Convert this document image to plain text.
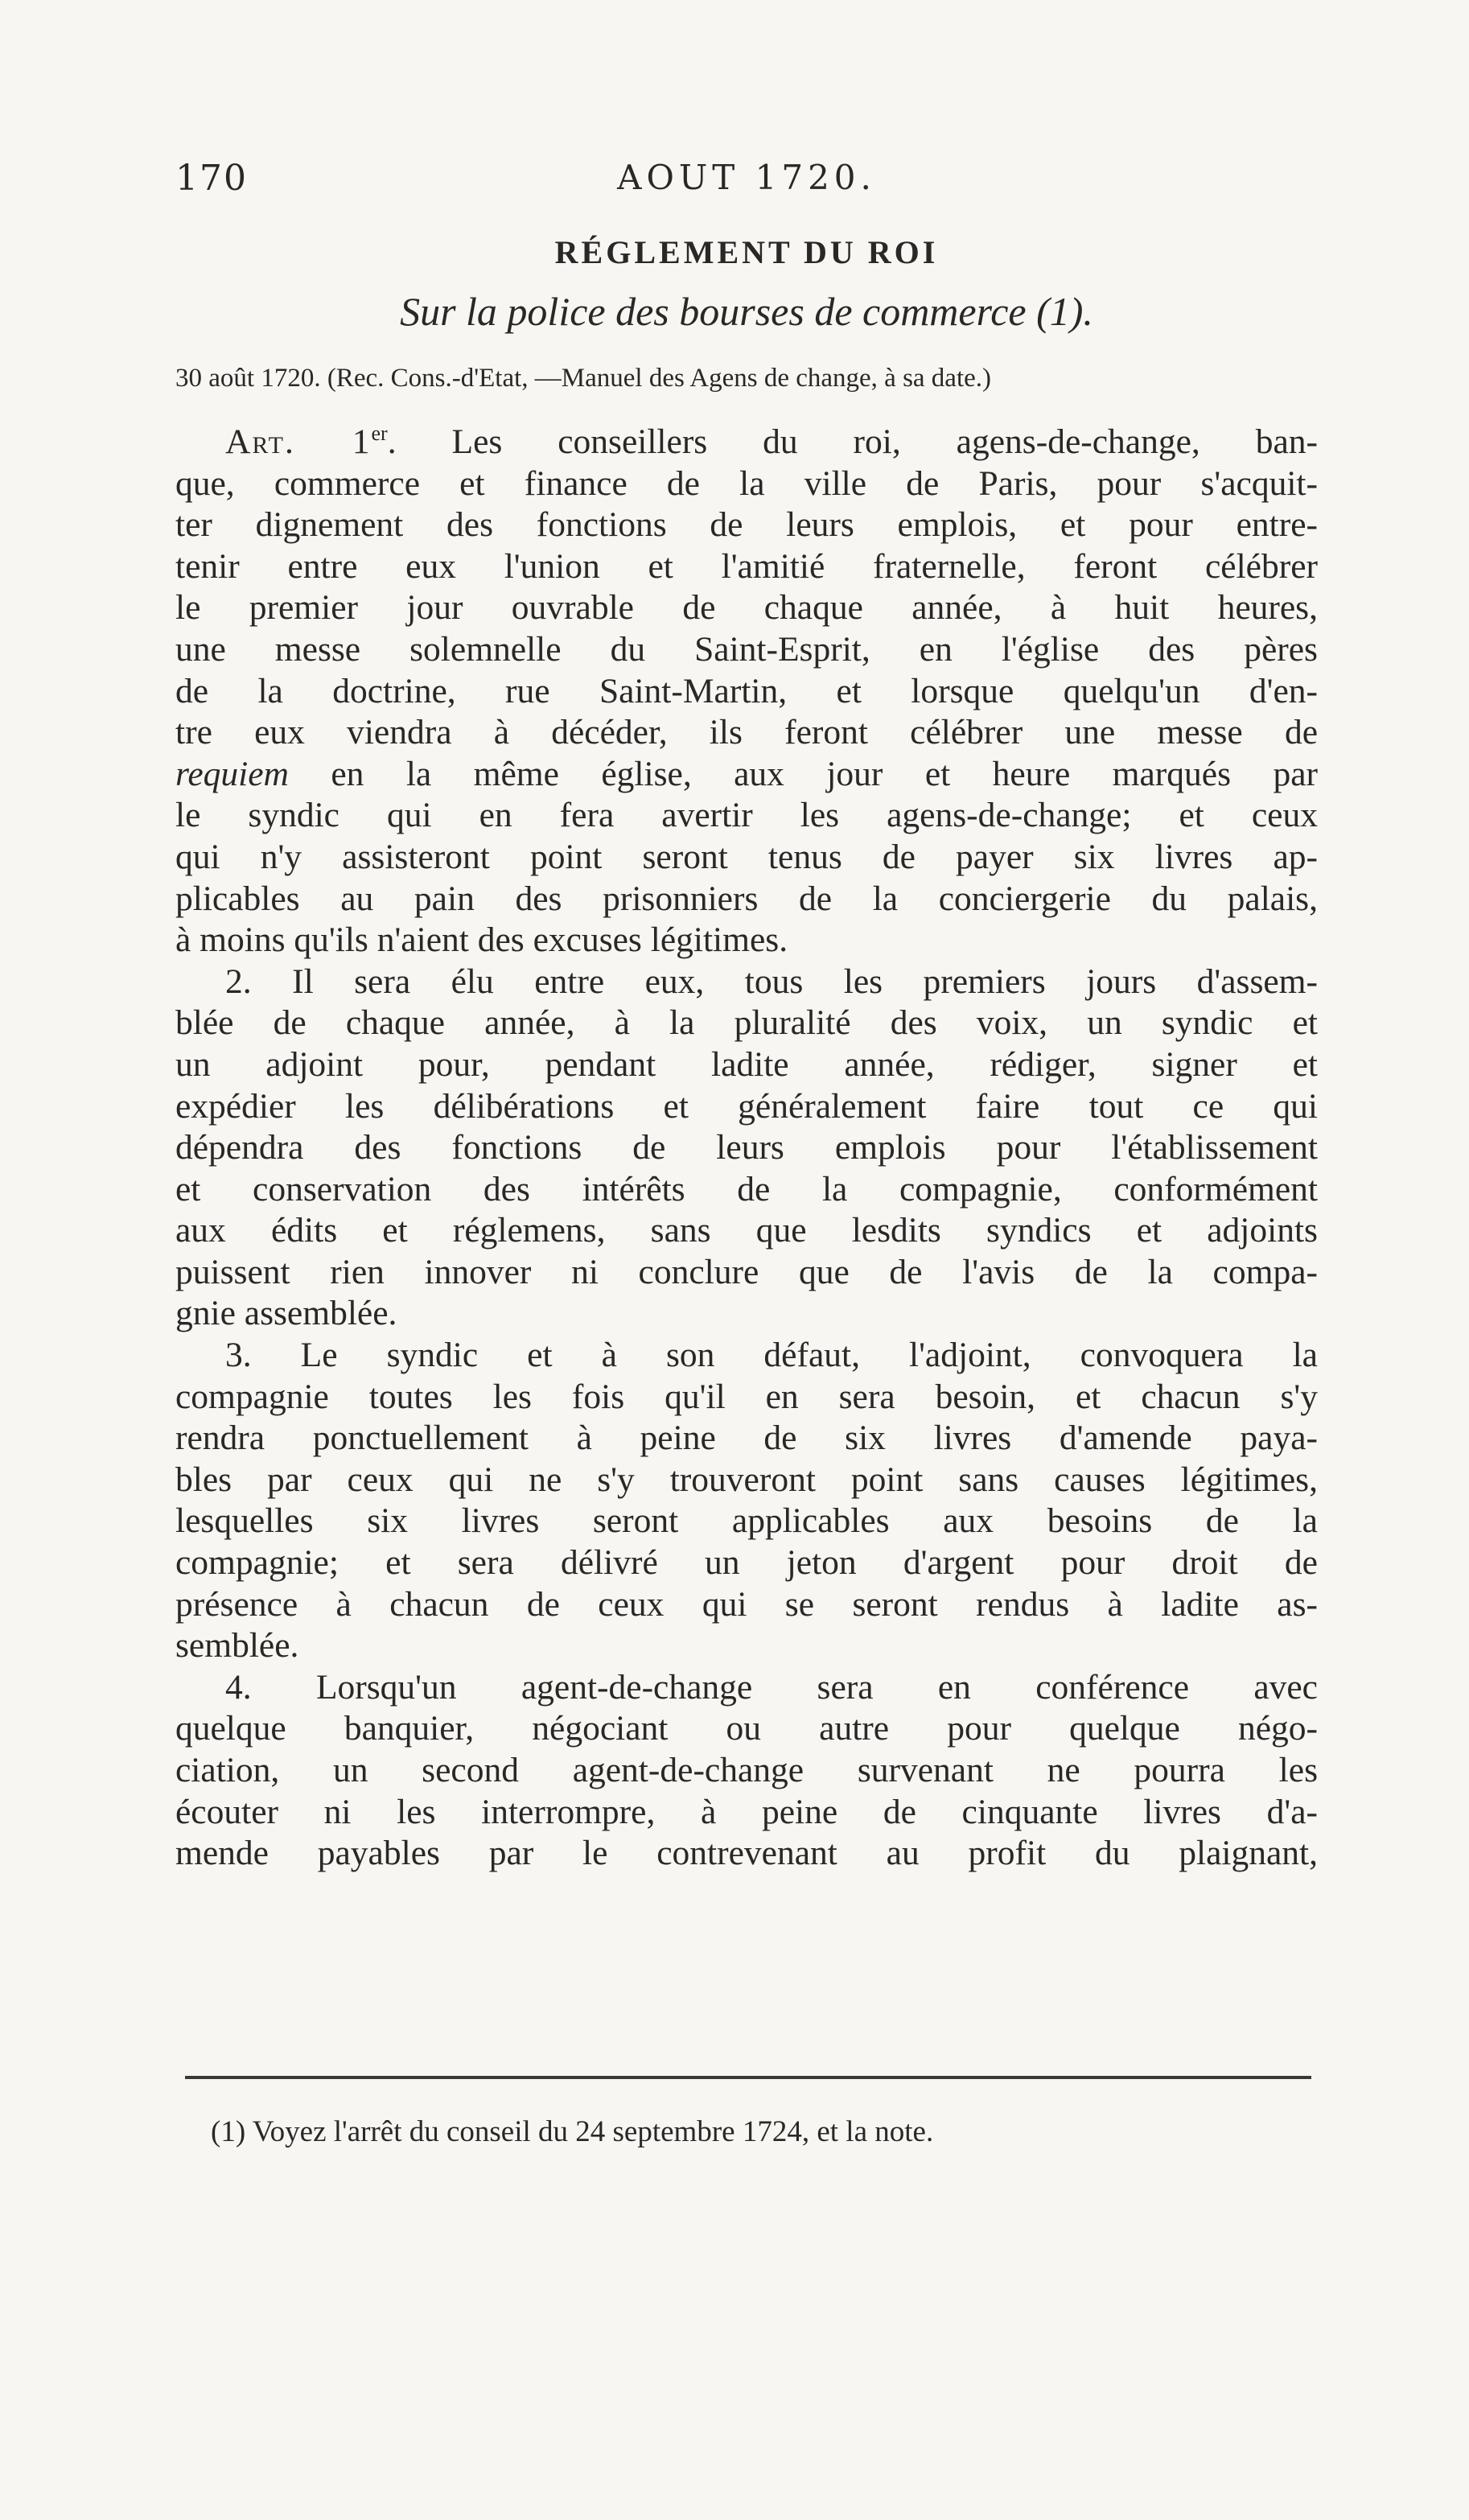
170	AOUT 1720.
RÉGLEMENT DU ROI
Sur la police des bourses de commerce (1).
30 août 1720. (Rec. Cons.-d'Etat, —Manuel des Agens de change, à sa date.)
Art. 1er. Les conseillers du roi, agens-de-change, ban-
que, commerce et finance de la ville de Paris, pour s'acquit-
ter dignement des fonctions de leurs emplois, et pour entre-
tenir entre eux l'union et l'amitié fraternelle, feront célébrer
le premier jour ouvrable de chaque année, à huit heures,
une messe solemnelle du Saint-Esprit, en l'église des pères
de la doctrine, rue Saint-Martin, et lorsque quelqu'un d'en-
tre eux viendra à décéder, ils feront célébrer une messe de
requiem en la même église, aux jour et heure marqués par
le syndic qui en fera avertir les agens-de-change; et ceux
qui n'y assisteront point seront tenus de payer six livres ap-
plicables au pain des prisonniers de la conciergerie du palais,
à moins qu'ils n'aient des excuses légitimes.
2. Il sera élu entre eux, tous les premiers jours d'assem-
blée de chaque année, à la pluralité des voix, un syndic et
un adjoint pour, pendant ladite année, rédiger, signer et
expédier les délibérations et généralement faire tout ce qui
dépendra des fonctions de leurs emplois pour l'établissement
et conservation des intérêts de la compagnie, conformément
aux édits et réglemens, sans que lesdits syndics et adjoints
puissent rien innover ni conclure que de l'avis de la compa-
gnie assemblée.
3. Le syndic et à son défaut, l'adjoint, convoquera la
compagnie toutes les fois qu'il en sera besoin, et chacun s'y
rendra ponctuellement à peine de six livres d'amende paya-
bles par ceux qui ne s'y trouveront point sans causes légitimes,
lesquelles six livres seront applicables aux besoins de la
compagnie; et sera délivré un jeton d'argent pour droit de
présence à chacun de ceux qui se seront rendus à ladite as-
semblée.
4. Lorsqu'un agent-de-change sera en conférence avec
quelque banquier, négociant ou autre pour quelque négo-
ciation, un second agent-de-change survenant ne pourra les
écouter ni les interrompre, à peine de cinquante livres d'a-
mende payables par le contrevenant au profit du plaignant,
(1) Voyez l'arrêt du conseil du 24 septembre 1724, et la note.
